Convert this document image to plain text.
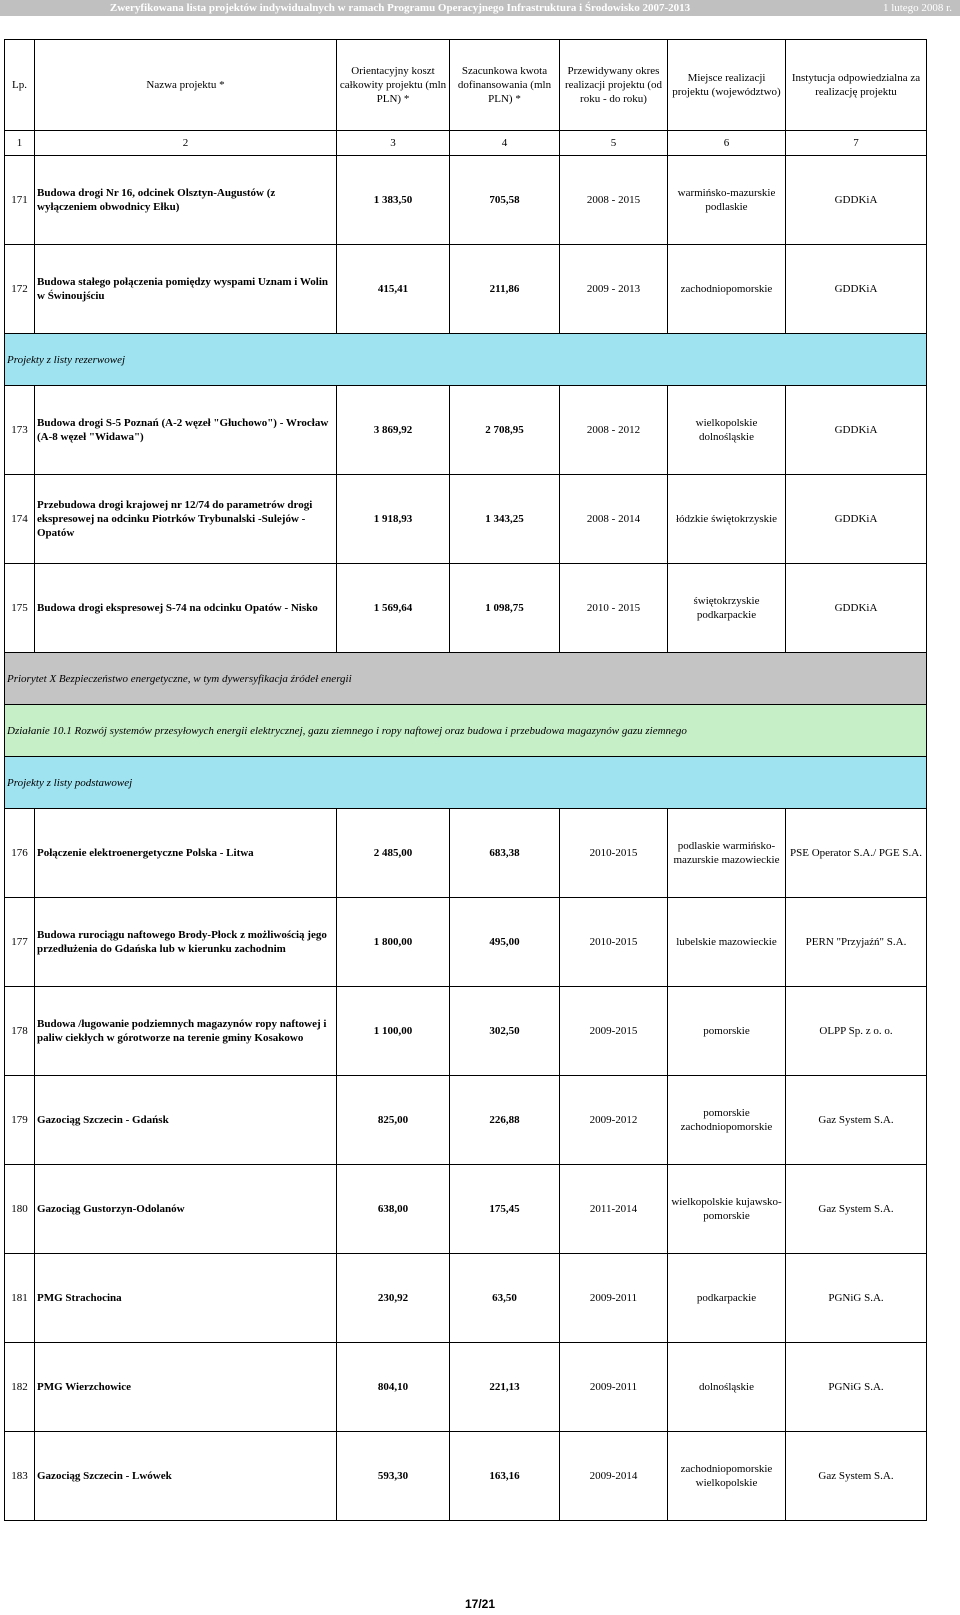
Zweryfikowana lista projektów indywidualnych w ramach Programu Operacyjnego Infrastruktura i Środowisko 2007-2013	1 lutego 2008 r.
Lp.	Nazwa projektu *	Orientacyjny koszt całkowity projektu (mln PLN) *	Szacunkowa kwota dofinansowania (mln PLN) *	Przewidywany okres realizacji projektu (od roku - do roku)	Miejsce realizacji projektu (województwo)	Instytucja odpowiedzialna za realizację projektu
1	2	3	4	5	6	7
171	Budowa drogi Nr 16, odcinek Olsztyn-Augustów (z wyłączeniem obwodnicy Ełku)	1 383,50	705,58	2008 - 2015	warmińsko-mazurskie podlaskie	GDDKiA
172	Budowa stałego połączenia pomiędzy wyspami Uznam i Wolin w Świnoujściu	415,41	211,86	2009 - 2013	zachodniopomorskie	GDDKiA
Projekty z listy rezerwowej						
173	Budowa drogi S-5 Poznań (A-2 węzeł "Głuchowo") - Wrocław (A-8 węzeł "Widawa")	3 869,92	2 708,95	2008 - 2012	wielkopolskie dolnośląskie	GDDKiA
174	Przebudowa drogi krajowej nr 12/74 do parametrów drogi ekspresowej na odcinku Piotrków Trybunalski -Sulejów - Opatów	1 918,93	1 343,25	2008 - 2014	łódzkie świętokrzyskie	GDDKiA
175	Budowa drogi ekspresowej S-74 na odcinku Opatów - Nisko	1 569,64	1 098,75	2010 - 2015	świętokrzyskie podkarpackie	GDDKiA
Priorytet X Bezpieczeństwo energetyczne, w tym dywersyfikacja źródeł energii						
Działanie 10.1 Rozwój systemów przesyłowych energii elektrycznej, gazu ziemnego i ropy naftowej oraz budowa i przebudowa magazynów gazu ziemnego						
Projekty z listy podstawowej						
176	Połączenie elektroenergetyczne Polska - Litwa	2 485,00	683,38	2010-2015	podlaskie warmińsko-mazurskie mazowieckie	PSE Operator S.A./ PGE S.A.
177	Budowa rurociągu naftowego Brody-Płock z możliwością jego przedłużenia do Gdańska lub w kierunku zachodnim	1 800,00	495,00	2010-2015	lubelskie mazowieckie	PERN "Przyjaźń" S.A.
178	Budowa /ługowanie podziemnych magazynów ropy naftowej i paliw ciekłych w górotworze na terenie gminy Kosakowo	1 100,00	302,50	2009-2015	pomorskie	OLPP Sp. z o. o.
179	Gazociąg Szczecin - Gdańsk	825,00	226,88	2009-2012	pomorskie zachodniopomorskie	Gaz System S.A.
180	Gazociąg Gustorzyn-Odolanów	638,00	175,45	2011-2014	wielkopolskie kujawsko-pomorskie	Gaz System S.A.
181	PMG Strachocina	230,92	63,50	2009-2011	podkarpackie	PGNiG S.A.
182	PMG Wierzchowice	804,10	221,13	2009-2011	dolnośląskie	PGNiG S.A.
183	Gazociąg Szczecin - Lwówek	593,30	163,16	2009-2014	zachodniopomorskie wielkopolskie	Gaz System S.A.
17/21
